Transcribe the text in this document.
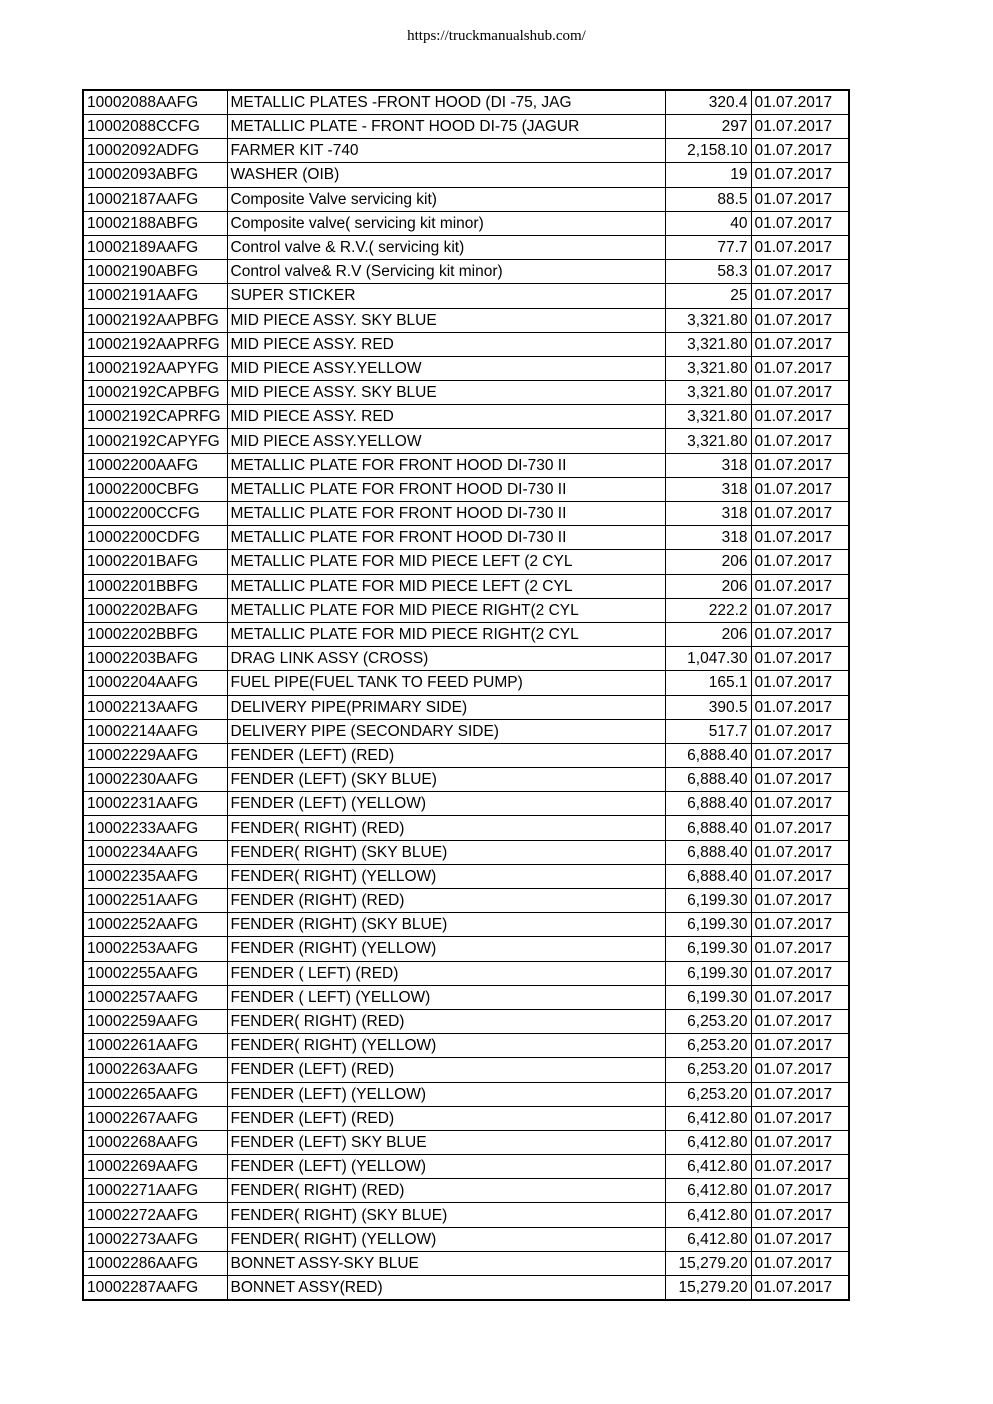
https://truckmanualshub.com/
10002088AAFG	METALLIC PLATES -FRONT HOOD (DI -75, JAG	320.4	01.07.2017
10002088CCFG	METALLIC PLATE - FRONT HOOD DI-75 (JAGUR	297	01.07.2017
10002092ADFG	FARMER KIT -740	2,158.10	01.07.2017
10002093ABFG	WASHER (OIB)	19	01.07.2017
10002187AAFG	Composite Valve servicing kit)	88.5	01.07.2017
10002188ABFG	Composite valve( servicing kit minor)	40	01.07.2017
10002189AAFG	Control valve & R.V.( servicing kit)	77.7	01.07.2017
10002190ABFG	Control valve& R.V (Servicing kit minor)	58.3	01.07.2017
10002191AAFG	SUPER STICKER	25	01.07.2017
10002192AAPBFG	MID PIECE ASSY. SKY BLUE	3,321.80	01.07.2017
10002192AAPRFG	MID PIECE ASSY. RED	3,321.80	01.07.2017
10002192AAPYFG	MID PIECE ASSY.YELLOW	3,321.80	01.07.2017
10002192CAPBFG	MID PIECE ASSY. SKY BLUE	3,321.80	01.07.2017
10002192CAPRFG	MID PIECE ASSY. RED	3,321.80	01.07.2017
10002192CAPYFG	MID PIECE ASSY.YELLOW	3,321.80	01.07.2017
10002200AAFG	METALLIC PLATE FOR FRONT HOOD DI-730 II	318	01.07.2017
10002200CBFG	METALLIC PLATE FOR FRONT HOOD DI-730 II	318	01.07.2017
10002200CCFG	METALLIC PLATE FOR FRONT HOOD DI-730 II	318	01.07.2017
10002200CDFG	METALLIC PLATE FOR FRONT HOOD DI-730 II	318	01.07.2017
10002201BAFG	METALLIC PLATE FOR MID PIECE LEFT (2 CYL	206	01.07.2017
10002201BBFG	METALLIC PLATE FOR MID PIECE LEFT (2 CYL	206	01.07.2017
10002202BAFG	METALLIC PLATE FOR MID PIECE RIGHT(2 CYL	222.2	01.07.2017
10002202BBFG	METALLIC PLATE FOR MID PIECE RIGHT(2 CYL	206	01.07.2017
10002203BAFG	DRAG LINK ASSY (CROSS)	1,047.30	01.07.2017
10002204AAFG	FUEL PIPE(FUEL TANK TO FEED PUMP)	165.1	01.07.2017
10002213AAFG	DELIVERY PIPE(PRIMARY SIDE)	390.5	01.07.2017
10002214AAFG	DELIVERY PIPE (SECONDARY SIDE)	517.7	01.07.2017
10002229AAFG	FENDER (LEFT) (RED)	6,888.40	01.07.2017
10002230AAFG	FENDER (LEFT) (SKY BLUE)	6,888.40	01.07.2017
10002231AAFG	FENDER (LEFT) (YELLOW)	6,888.40	01.07.2017
10002233AAFG	FENDER( RIGHT) (RED)	6,888.40	01.07.2017
10002234AAFG	FENDER( RIGHT) (SKY BLUE)	6,888.40	01.07.2017
10002235AAFG	FENDER( RIGHT) (YELLOW)	6,888.40	01.07.2017
10002251AAFG	FENDER (RIGHT) (RED)	6,199.30	01.07.2017
10002252AAFG	FENDER (RIGHT) (SKY BLUE)	6,199.30	01.07.2017
10002253AAFG	FENDER (RIGHT) (YELLOW)	6,199.30	01.07.2017
10002255AAFG	FENDER ( LEFT) (RED)	6,199.30	01.07.2017
10002257AAFG	FENDER ( LEFT) (YELLOW)	6,199.30	01.07.2017
10002259AAFG	FENDER( RIGHT) (RED)	6,253.20	01.07.2017
10002261AAFG	FENDER( RIGHT) (YELLOW)	6,253.20	01.07.2017
10002263AAFG	FENDER (LEFT) (RED)	6,253.20	01.07.2017
10002265AAFG	FENDER (LEFT) (YELLOW)	6,253.20	01.07.2017
10002267AAFG	FENDER (LEFT) (RED)	6,412.80	01.07.2017
10002268AAFG	FENDER (LEFT) SKY BLUE	6,412.80	01.07.2017
10002269AAFG	FENDER (LEFT) (YELLOW)	6,412.80	01.07.2017
10002271AAFG	FENDER( RIGHT) (RED)	6,412.80	01.07.2017
10002272AAFG	FENDER( RIGHT) (SKY BLUE)	6,412.80	01.07.2017
10002273AAFG	FENDER( RIGHT) (YELLOW)	6,412.80	01.07.2017
10002286AAFG	BONNET ASSY-SKY BLUE	15,279.20	01.07.2017
10002287AAFG	BONNET ASSY(RED)	15,279.20	01.07.2017
